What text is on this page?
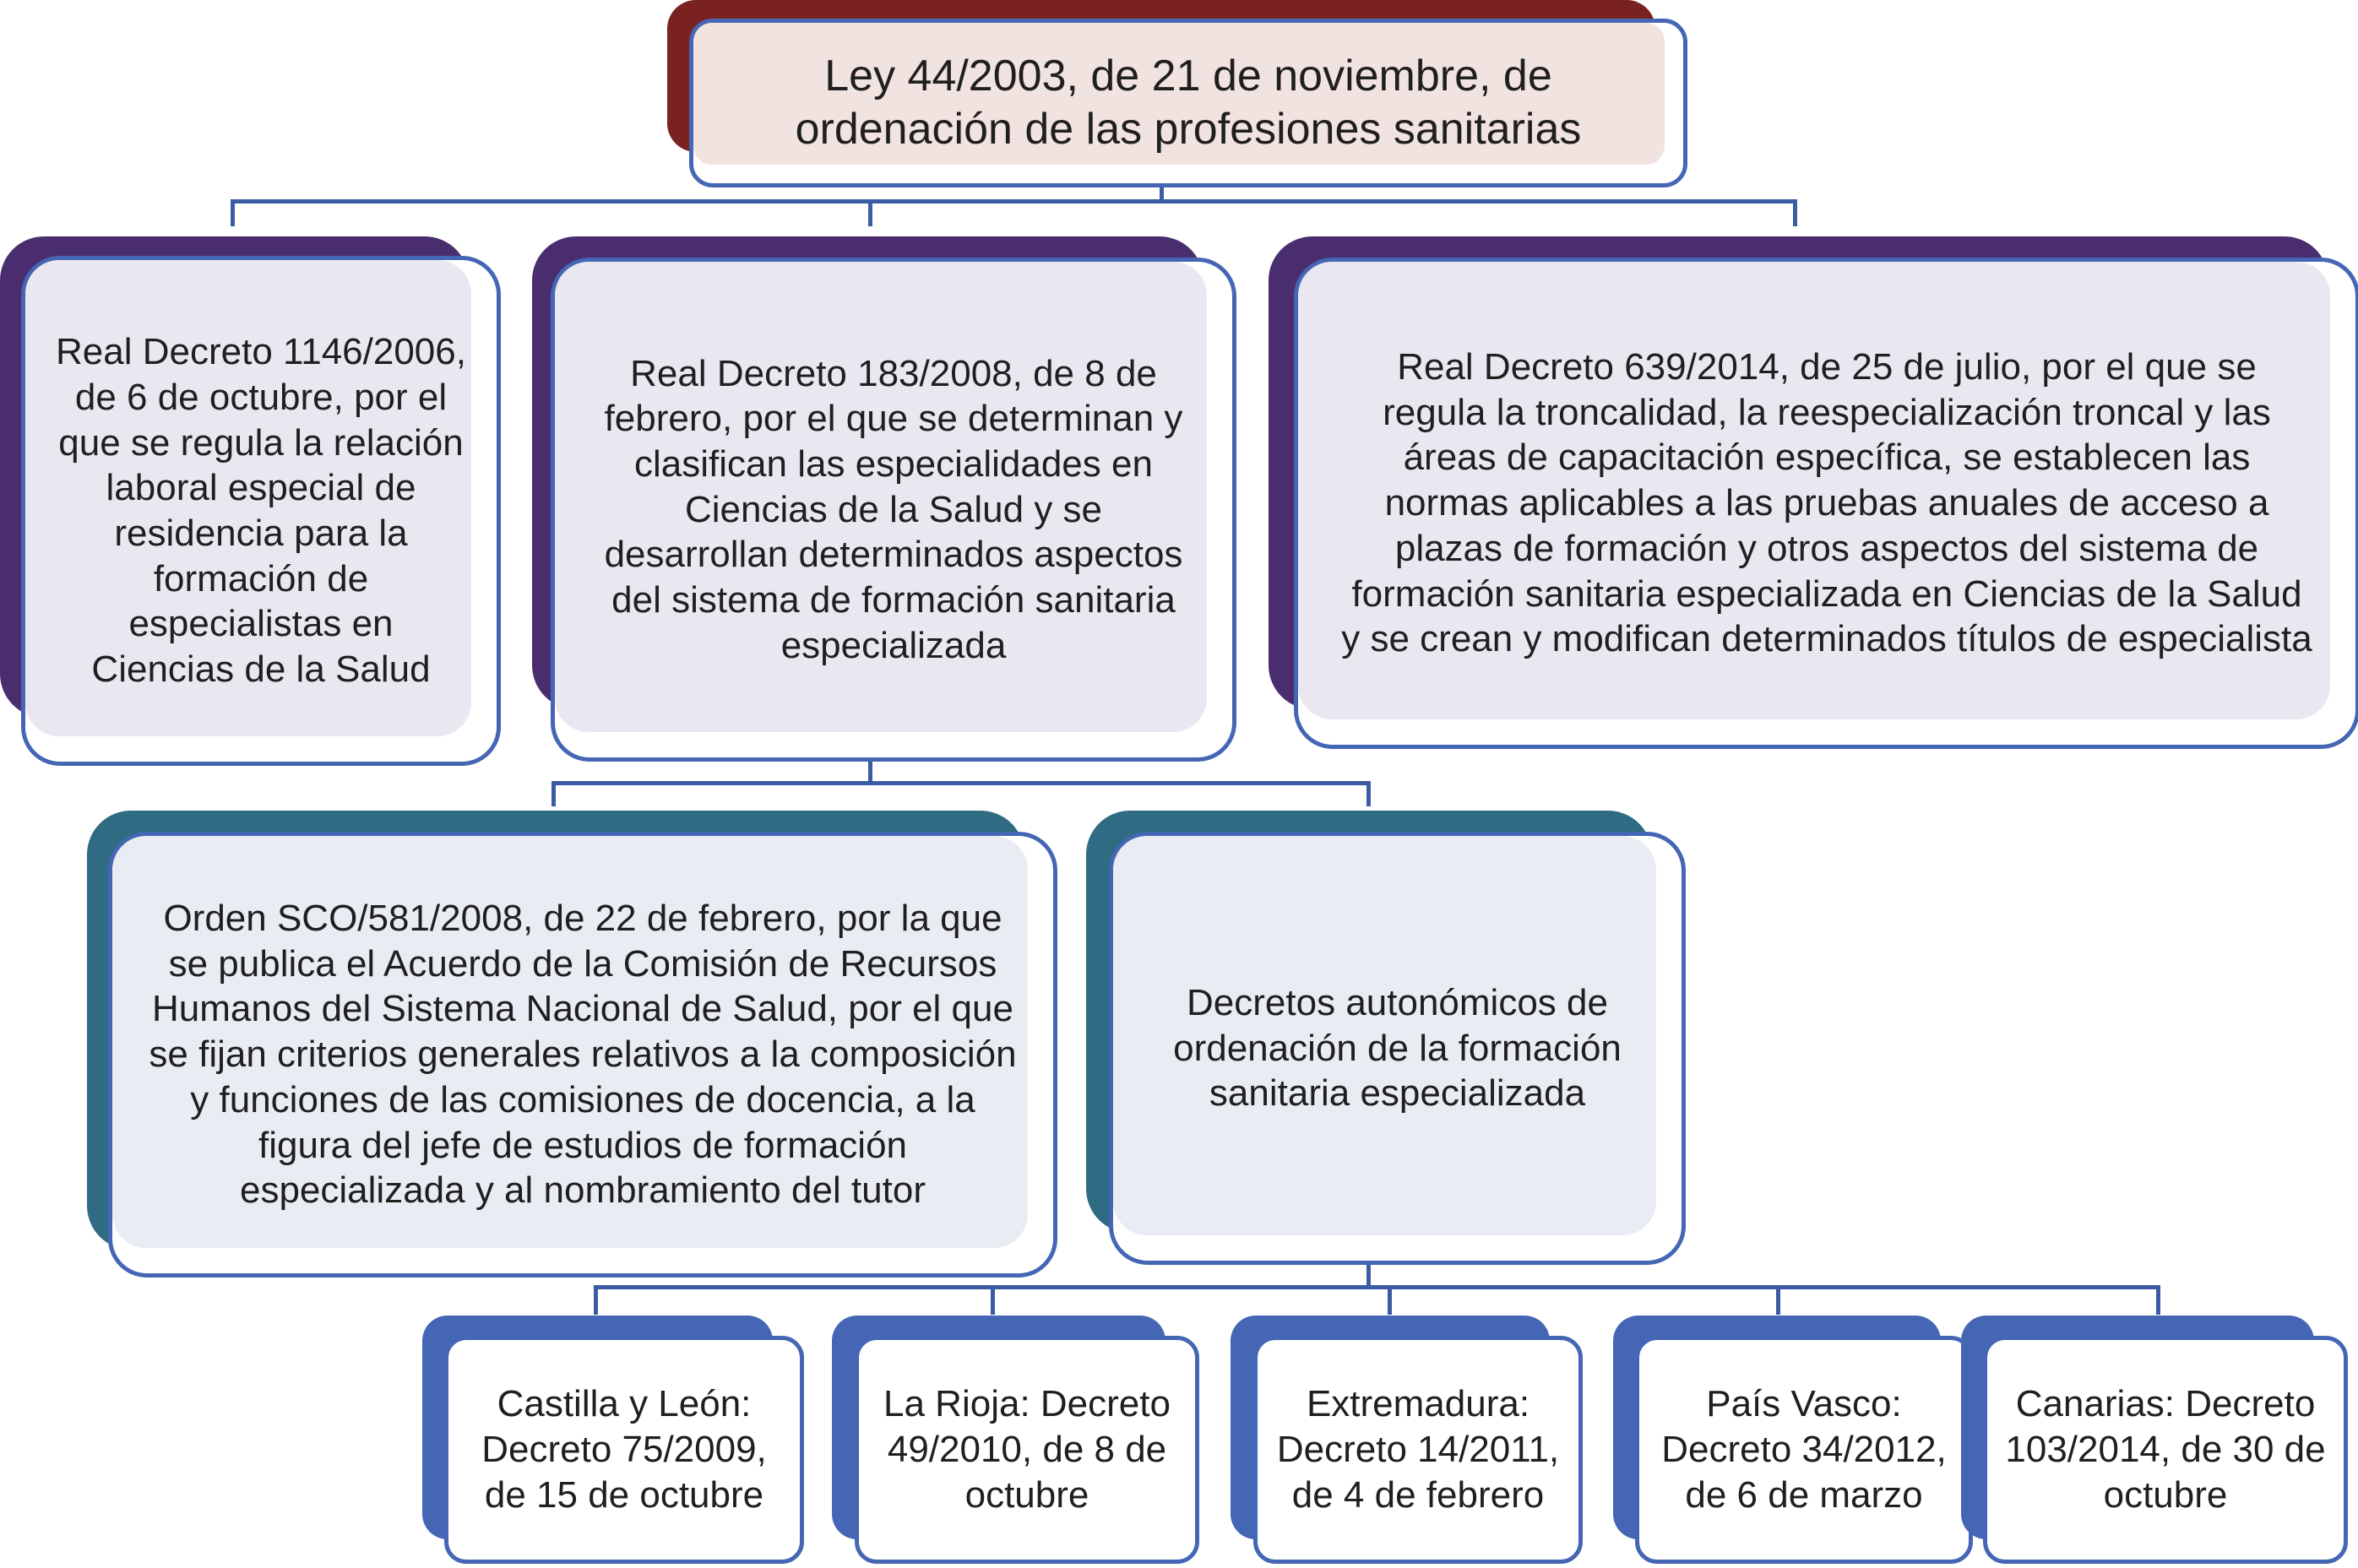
Ley 44/2003, de 21 de noviembre, de ordenación de las profesiones sanitarias
Real Decreto 1146/2006, de 6 de octubre, por el que se regula la relación laboral especial de residencia para la formación de especialistas en Ciencias de la Salud
Real Decreto 183/2008, de 8 de febrero, por el que se determinan y clasifican las especialidades en Ciencias de la Salud y se desarrollan determinados aspectos del sistema de formación sanitaria especializada
Real Decreto 639/2014, de 25 de julio, por el que se regula la troncalidad, la reespecialización troncal y las áreas de capacitación específica, se establecen las normas aplicables a las pruebas anuales de acceso a plazas de formación y otros aspectos del sistema de formación sanitaria especializada en Ciencias de la Salud y se crean y modifican determinados títulos de especialista
Orden SCO/581/2008, de 22 de febrero, por la que se publica el Acuerdo de la Comisión de Recursos Humanos del Sistema Nacional de Salud, por el que se fijan criterios generales relativos a la composición y funciones de las comisiones de docencia, a la figura del jefe de estudios de formación especializada y al nombramiento del tutor
Decretos autonómicos de ordenación de la formación sanitaria especializada
Castilla y León: Decreto 75/2009, de 15 de octubre
La Rioja: Decreto 49/2010, de 8 de octubre
Extremadura: Decreto 14/2011, de 4 de febrero
País Vasco: Decreto 34/2012, de 6 de marzo
Canarias: Decreto 103/2014, de 30 de octubre
